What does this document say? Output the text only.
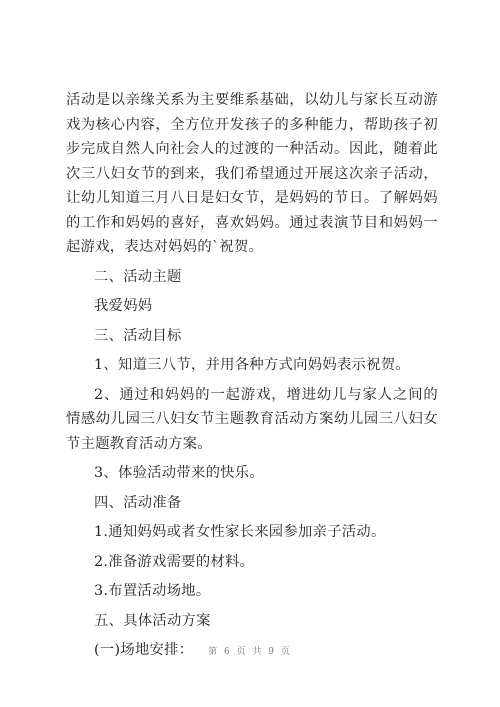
活动是以亲缘关系为主要维系基础，以幼儿与家长互动游戏为核心内容，全方位开发孩子的多种能力，帮助孩子初步完成自然人向社会人的过渡的一种活动。因此，随着此次三八妇女节的到来，我们希望通过开展这次亲子活动，让幼儿知道三月八日是妇女节，是妈妈的节日。了解妈妈的工作和妈妈的喜好，喜欢妈妈。通过表演节目和妈妈一起游戏，表达对妈妈的`祝贺。

二、活动主题

我爱妈妈

三、活动目标

1、知道三八节，并用各种方式向妈妈表示祝贺。

2、通过和妈妈的一起游戏，增进幼儿与家人之间的情感幼儿园三八妇女节主题教育活动方案幼儿园三八妇女节主题教育活动方案。

3、体验活动带来的快乐。

四、活动准备

1.通知妈妈或者女性家长来园参加亲子活动。

2.准备游戏需要的材料。

3.布置活动场地。

五、具体活动方案

(一)场地安排：	第 6 页 共 9 页
